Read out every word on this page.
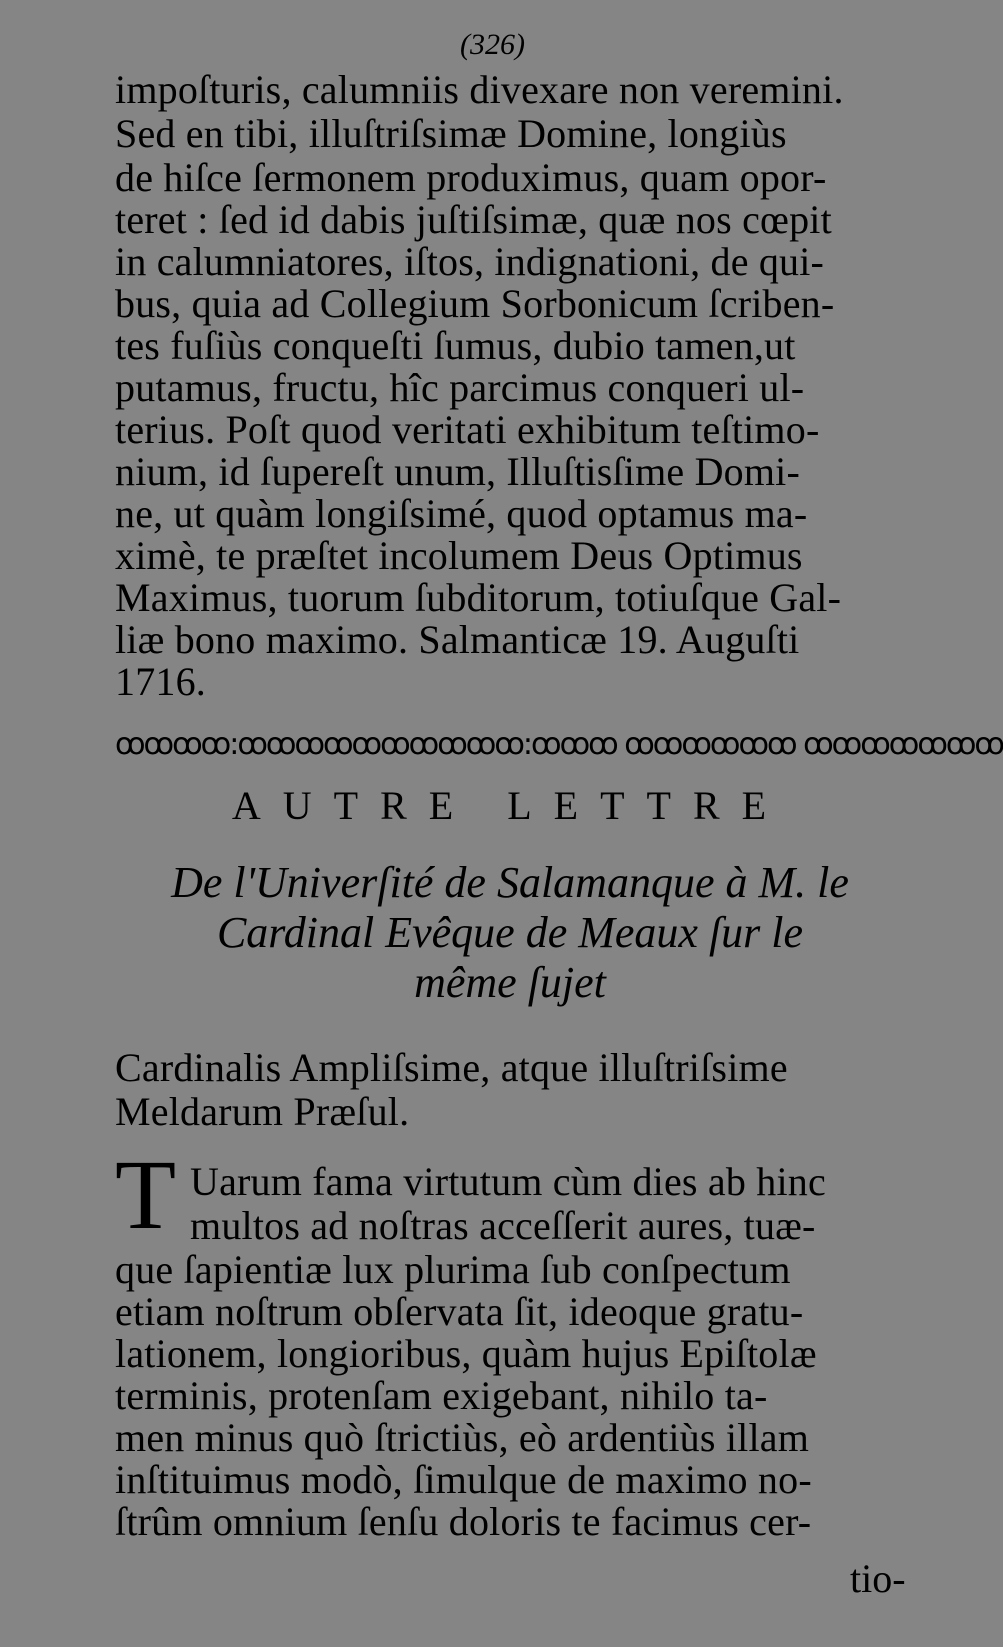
(326)
impoſturis, calumniis divexare non veremini.
Sed en tibi, illuſtriſsimæ Domine, longiùs
de hiſce ſermonem produximus, quam opor-
teret : ſed id dabis juſtiſsimæ, quæ nos cœpit
in calumniatores, iſtos, indignationi, de qui-
bus, quia ad Collegium Sorbonicum ſcriben-
tes fuſiùs conqueſti ſumus, dubio tamen,ut
putamus, fructu, hîc parcimus conqueri ul-
terius. Poſt quod veritati exhibitum teſtimo-
nium, id ſupereſt unum, Illuſtisſime Domi-
ne, ut quàm longiſsimé, quod optamus ma-
ximè, te præſtet incolumem Deus Optimus
Maximus, tuorum ſubditorum, totiuſque Gal-
liæ bono maximo. Salmanticæ 19. Auguſti
1716.
ꝏꝏꝏꝏ:ꝏꝏꝏꝏꝏꝏꝏꝏꝏꝏ:ꝏꝏꝏ ꝏꝏꝏꝏꝏꝏ ꝏꝏꝏꝏꝏꝏꝏ
AUTRE LETTRE
De l'Univerſité de Salamanque à M. le
Cardinal Evêque de Meaux ſur le
même ſujet
Cardinalis Ampliſsime, atque illuſtriſsime
Meldarum Præſul.
T Uarum fama virtutum cùm dies ab hinc
multos ad noſtras acceſſerit aures, tuæ-
que ſapientiæ lux plurima ſub conſpectum
etiam noſtrum obſervata ſit, ideoque gratu-
lationem, longioribus, quàm hujus Epiſtolæ
terminis, protenſam exigebant, nihilo ta-
men minus quò ſtrictiùs, eò ardentiùs illam
inſtituimus modò, ſimulque de maximo no-
ſtrûm omnium ſenſu doloris te facimus cer-
tio-
